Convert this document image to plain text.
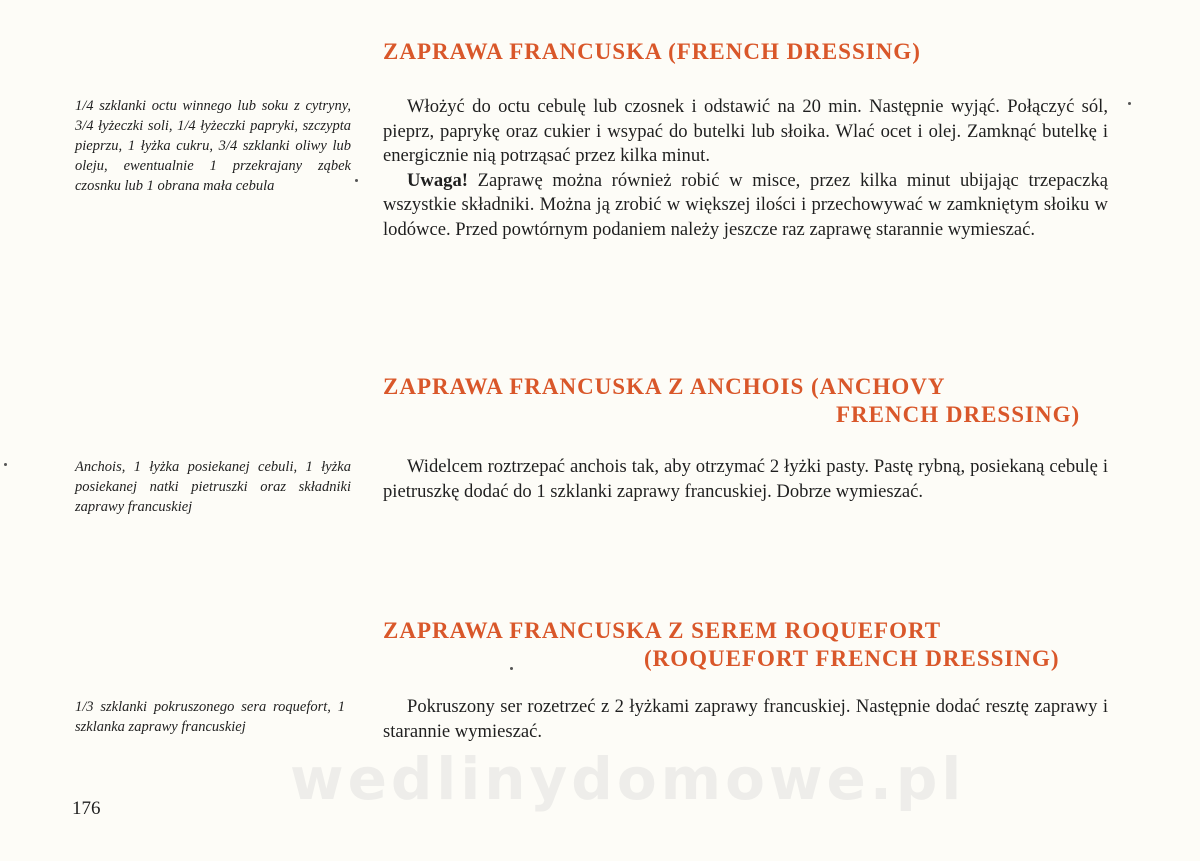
ZAPRAWA FRANCUSKA (FRENCH DRESSING)
1/4 szklanki octu winnego lub soku z cytryny, 3/4 łyżeczki soli, 1/4 łyżeczki papryki, szczypta pieprzu, 1 łyżka cukru, 3/4 szklanki oliwy lub oleju, ewentualnie 1 przekrajany ząbek czosnku lub 1 obrana mała cebula

Włożyć do octu cebulę lub czosnek i odstawić na 20 min. Następnie wyjąć. Połączyć sól, pieprz, paprykę oraz cukier i wsypać do butelki lub słoika. Wlać ocet i olej. Zamknąć butelkę i energicznie nią potrząsać przez kilka minut.

Uwaga! Zaprawę można również robić w misce, przez kilka minut ubijając trzepaczką wszystkie składniki. Można ją zrobić w większej ilości i przechowywać w zamkniętym słoiku w lodówce. Przed powtórnym podaniem należy jeszcze raz zaprawę starannie wymieszać.

ZAPRAWA FRANCUSKA Z ANCHOIS (ANCHOVY
FRENCH DRESSING)
Anchois, 1 łyżka posiekanej cebuli, 1 łyżka posiekanej natki pietruszki oraz składniki zaprawy francuskiej

Widelcem roztrzepać anchois tak, aby otrzymać 2 łyżki pasty. Pastę rybną, posiekaną cebulę i pietruszkę dodać do 1 szklanki zaprawy francuskiej. Dobrze wymieszać.

ZAPRAWA FRANCUSKA Z SEREM ROQUEFORT
(ROQUEFORT FRENCH DRESSING)
1/3 szklanki pokruszonego sera roquefort, 1 szklanka zaprawy francuskiej

Pokruszony ser rozetrzeć z 2 łyżkami zaprawy francuskiej. Następnie dodać resztę zaprawy i starannie wymieszać.

wedlinydomowe.pl
176
